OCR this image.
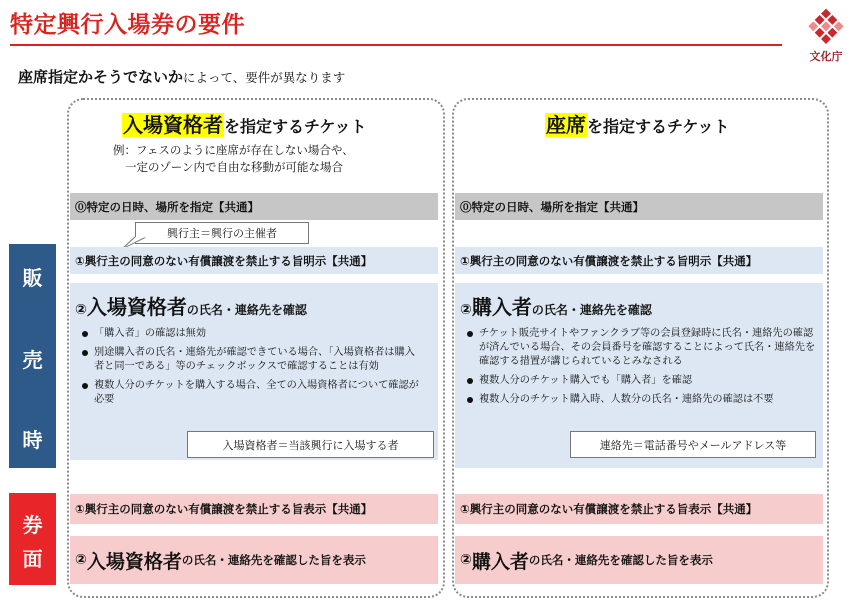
特定興行入場券の要件
文化庁
座席指定かそうでないかによって、要件が異なります
販
売
時
券
面
入場資格者を指定するチケット
例：フェスのように座席が存在しない場合や、
一定のゾーン内で自由な移動が可能な場合
⓪特定の日時、場所を指定【共通】
興行主＝興行の主催者
①興行主の同意のない有償譲渡を禁止する旨明示【共通】
②入場資格者の氏名・連絡先を確認
「購入者」の確認は無効
別途購入者の氏名・連絡先が確認できている場合、「入場資格者は購入者と同一である」等のチェックボックスで確認することは有効
複数人分のチケットを購入する場合、全ての入場資格者について確認が必要
入場資格者＝当該興行に入場する者
①興行主の同意のない有償譲渡を禁止する旨表示【共通】
② 入場資格者 の氏名・連絡先を確認した旨を表示
座席を指定するチケット
⓪特定の日時、場所を指定【共通】
①興行主の同意のない有償譲渡を禁止する旨明示【共通】
②購入者の氏名・連絡先を確認
チケット販売サイトやファンクラブ等の会員登録時に氏名・連絡先の確認が済んでいる場合、その会員番号を確認することによって氏名・連絡先を確認する措置が講じられているとみなされる
複数人分のチケット購入でも「購入者」を確認
複数人分のチケット購入時、人数分の氏名・連絡先の確認は不要
連絡先＝電話番号やメールアドレス等
①興行主の同意のない有償譲渡を禁止する旨表示【共通】
② 購入者 の氏名・連絡先を確認した旨を表示
